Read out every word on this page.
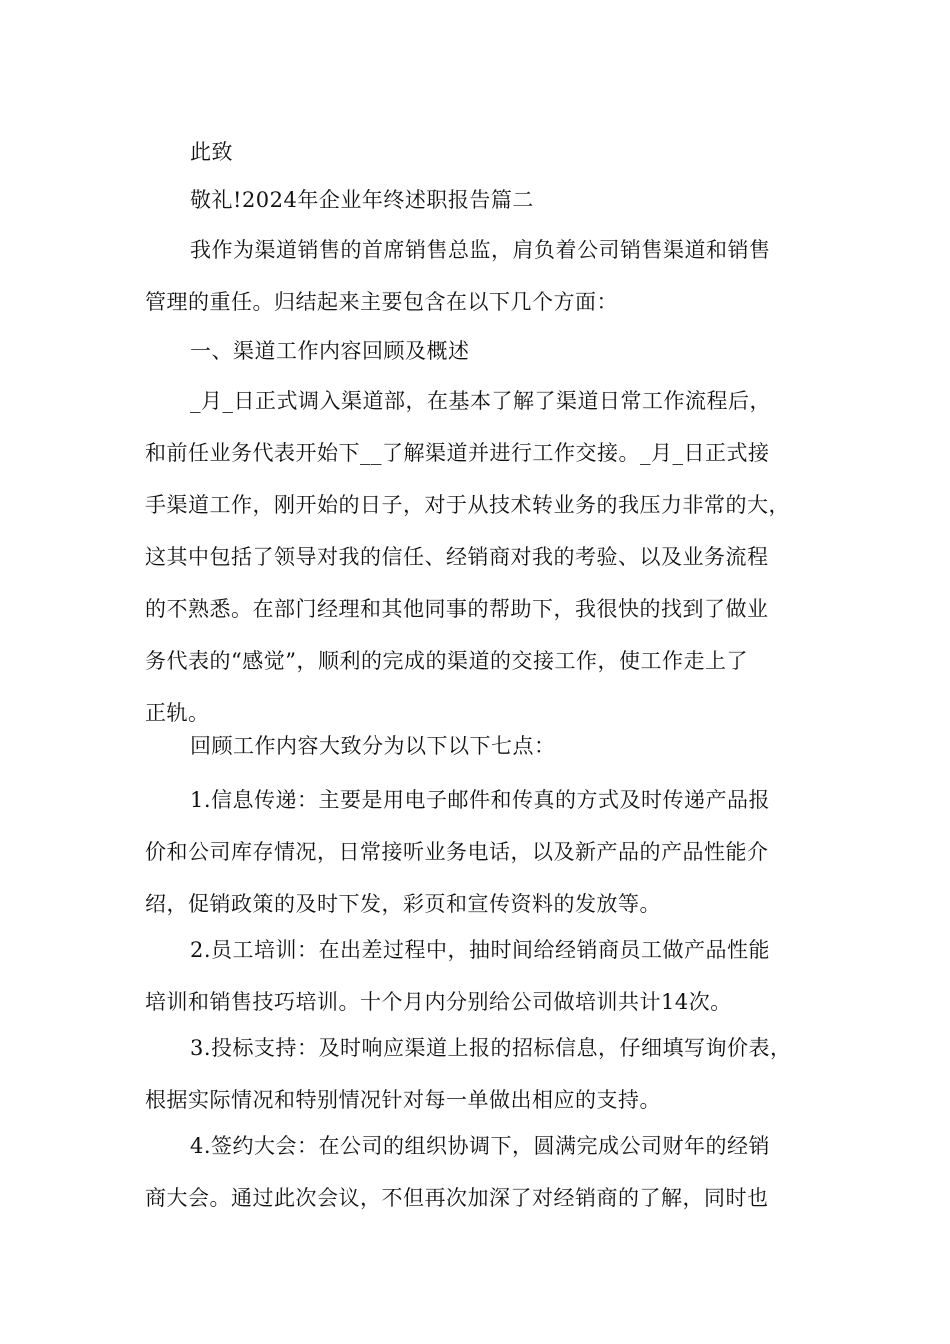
此致

敬礼!2024年企业年终述职报告篇二

我作为渠道销售的首席销售总监，肩负着公司销售渠道和销售
管理的重任。归结起来主要包含在以下几个方面：

一、渠道工作内容回顾及概述

_月_日正式调入渠道部，在基本了解了渠道日常工作流程后，
和前任业务代表开始下__了解渠道并进行工作交接。_月_日正式接
手渠道工作，刚开始的日子，对于从技术转业务的我压力非常的大，
这其中包括了领导对我的信任、经销商对我的考验、以及业务流程
的不熟悉。在部门经理和其他同事的帮助下，我很快的找到了做业
务代表的“感觉”，顺利的完成的渠道的交接工作，使工作走上了
正轨。

回顾工作内容大致分为以下以下七点：

1.信息传递：主要是用电子邮件和传真的方式及时传递产品报
价和公司库存情况，日常接听业务电话，以及新产品的产品性能介
绍，促销政策的及时下发，彩页和宣传资料的发放等。

2.员工培训：在出差过程中，抽时间给经销商员工做产品性能
培训和销售技巧培训。十个月内分别给公司做培训共计14次。

3.投标支持：及时响应渠道上报的招标信息，仔细填写询价表，
根据实际情况和特别情况针对每一单做出相应的支持。

4.签约大会：在公司的组织协调下，圆满完成公司财年的经销
商大会。通过此次会议，不但再次加深了对经销商的了解，同时也
